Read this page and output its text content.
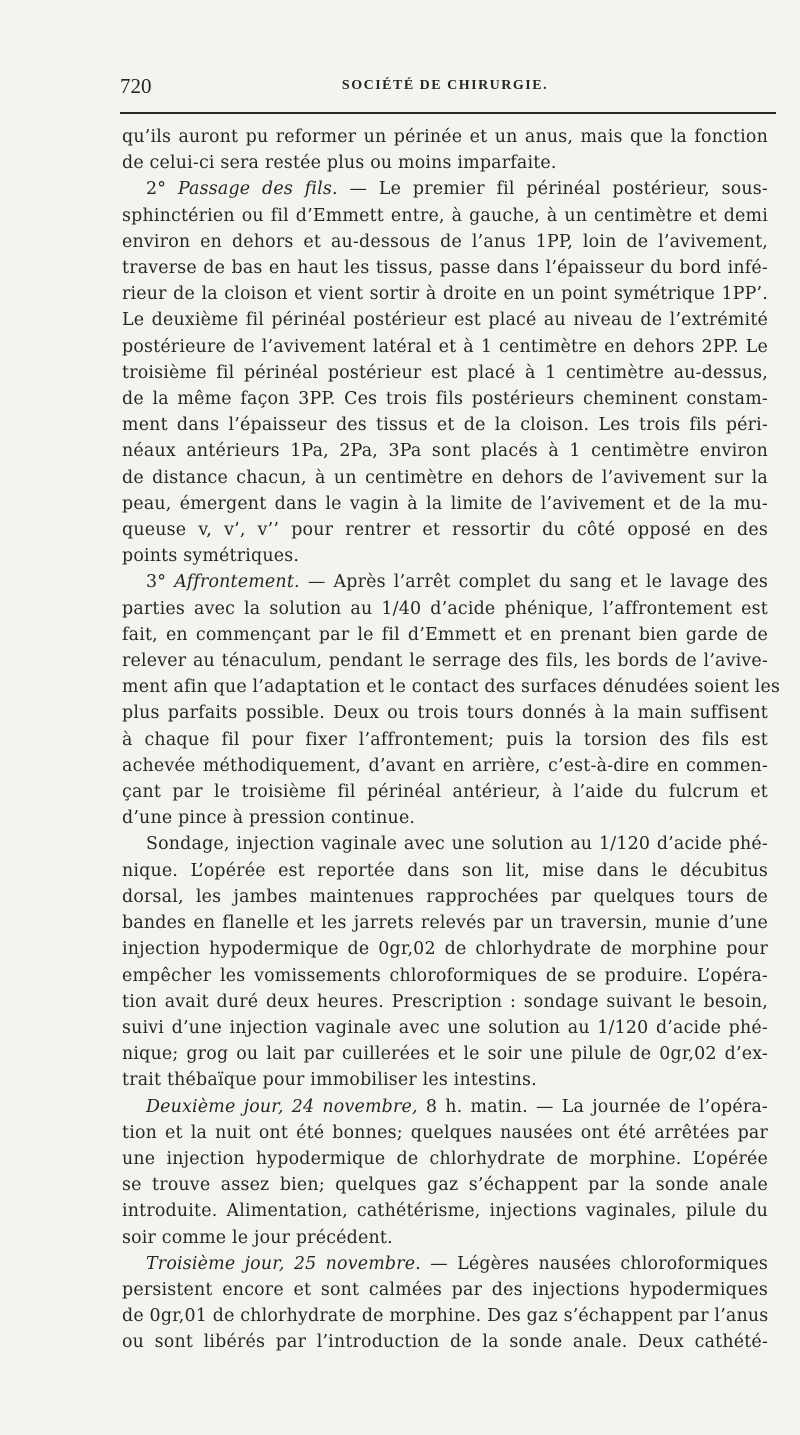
720	SOCIÉTÉ DE CHIRURGIE.
qu’ils auront pu reformer un périnée et un anus, mais que la fonction
de celui-ci sera restée plus ou moins imparfaite.
2° Passage des fils. — Le premier fil périnéal postérieur, sous-
sphinctérien ou fil d’Emmett entre, à gauche, à un centimètre et demi
environ en dehors et au-dessous de l’anus 1PP, loin de l’avivement,
traverse de bas en haut les tissus, passe dans l’épaisseur du bord infé-
rieur de la cloison et vient sortir à droite en un point symétrique 1PP’.
Le deuxième fil périnéal postérieur est placé au niveau de l’extrémité
postérieure de l’avivement latéral et à 1 centimètre en dehors 2PP. Le
troisième fil périnéal postérieur est placé à 1 centimètre au-dessus,
de la même façon 3PP. Ces trois fils postérieurs cheminent constam-
ment dans l’épaisseur des tissus et de la cloison. Les trois fils péri-
néaux antérieurs 1Pa, 2Pa, 3Pa sont placés à 1 centimètre environ
de distance chacun, à un centimètre en dehors de l’avivement sur la
peau, émergent dans le vagin à la limite de l’avivement et de la mu-
queuse v, v’, v’’ pour rentrer et ressortir du côté opposé en des
points symétriques.
3° Affrontement. — Après l’arrêt complet du sang et le lavage des
parties avec la solution au 1/40 d’acide phénique, l’affrontement est
fait, en commençant par le fil d’Emmett et en prenant bien garde de
relever au ténaculum, pendant le serrage des fils, les bords de l’avive-
ment afin que l’adaptation et le contact des surfaces dénudées soient les
plus parfaits possible. Deux ou trois tours donnés à la main suffisent
à chaque fil pour fixer l’affrontement; puis la torsion des fils est
achevée méthodiquement, d’avant en arrière, c’est-à-dire en commen-
çant par le troisième fil périnéal antérieur, à l’aide du fulcrum et
d’une pince à pression continue.
Sondage, injection vaginale avec une solution au 1/120 d’acide phé-
nique. L’opérée est reportée dans son lit, mise dans le décubitus
dorsal, les jambes maintenues rapprochées par quelques tours de
bandes en flanelle et les jarrets relevés par un traversin, munie d’une
injection hypodermique de 0gr,02 de chlorhydrate de morphine pour
empêcher les vomissements chloroformiques de se produire. L’opéra-
tion avait duré deux heures. Prescription : sondage suivant le besoin,
suivi d’une injection vaginale avec une solution au 1/120 d’acide phé-
nique; grog ou lait par cuillerées et le soir une pilule de 0gr,02 d’ex-
trait thébaïque pour immobiliser les intestins.
Deuxième jour, 24 novembre, 8 h. matin. — La journée de l’opéra-
tion et la nuit ont été bonnes; quelques nausées ont été arrêtées par
une injection hypodermique de chlorhydrate de morphine. L’opérée
se trouve assez bien; quelques gaz s’échappent par la sonde anale
introduite. Alimentation, cathétérisme, injections vaginales, pilule du
soir comme le jour précédent.
Troisième jour, 25 novembre. — Légères nausées chloroformiques
persistent encore et sont calmées par des injections hypodermiques
de 0gr,01 de chlorhydrate de morphine. Des gaz s’échappent par l’anus
ou sont libérés par l’introduction de la sonde anale. Deux cathété-
